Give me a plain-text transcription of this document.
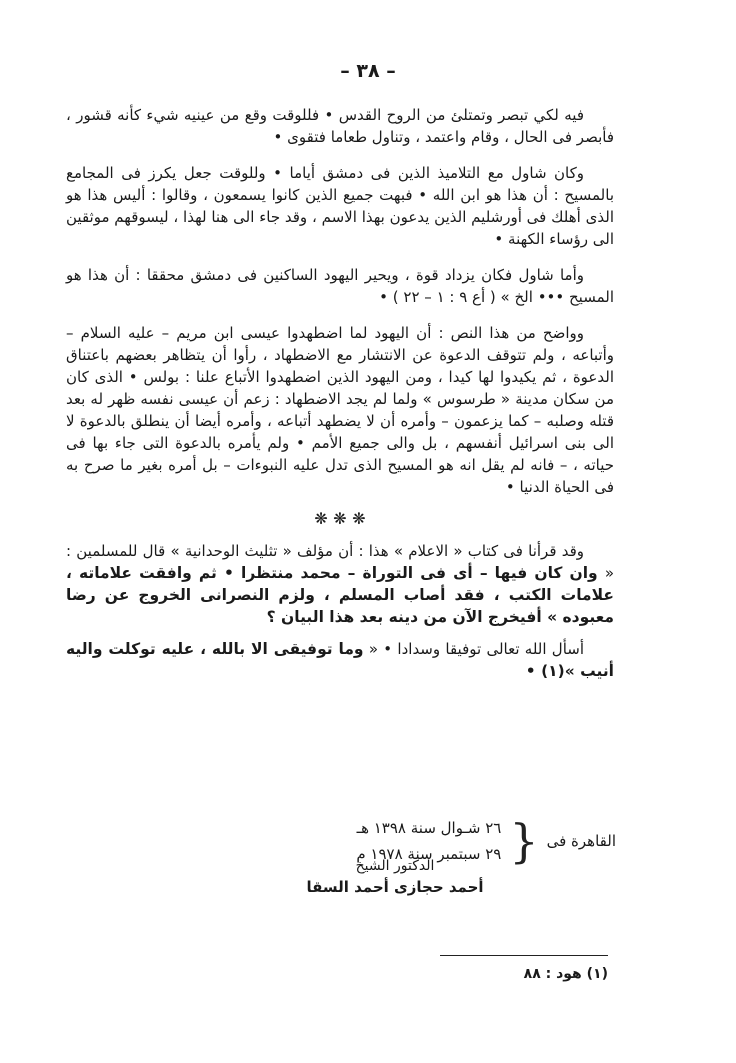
– ٣٨ –

فيه لكي تبصر وتمتلئ من الروح القدس • فللوقت وقع من عينيه شيء كأنه قشور ، فأبصر فى الحال ، وقام واعتمد ، وتناول طعاما فتقوى •

وكان شاول مع التلاميذ الذين فى دمشق أياما • وللوقت جعل يكرز فى المجامع بالمسيح : أن هذا هو ابن الله • فبهت جميع الذين كانوا يسمعون ، وقالوا : أليس هذا هو الذى أهلك فى أورشليم الذين يدعون بهذا الاسم ، وقد جاء الى هنا لهذا ، ليسوقهم موثقين الى رؤساء الكهنة •

وأما شاول فكان يزداد قوة ، ويحير اليهود الساكنين فى دمشق محققا : أن هذا هو المسيح ••• الخ » ( أع ٩ : ١ – ٢٢ ) •

وواضح من هذا النص : أن اليهود لما اضطهدوا عيسى ابن مريم – عليه السلام – وأتباعه ، ولم تتوقف الدعوة عن الانتشار مع الاضطهاد ، رأوا أن يتظاهر بعضهم باعتناق الدعوة ، ثم يكيدوا لها كيدا ، ومن اليهود الذين اضطهدوا الأتباع علنا : بولس • الذى كان من سكان مدينة « طرسوس » ولما لم يجد الاضطهاد : زعم أن عيسى نفسه ظهر له بعد قتله وصلبه – كما يزعمون – وأمره أن لا يضطهد أتباعه ، وأمره أيضا أن ينطلق بالدعوة لا الى بنى اسرائيل أنفسهم ، بل والى جميع الأمم • ولم يأمره بالدعوة التى جاء بها فى حياته ، – فانه لم يقل انه هو المسيح الذى تدل عليه النبوءات – بل أمره بغير ما صرح به فى الحياة الدنيا •

❋ ❋ ❋

وقد قرأنا فى كتاب « الاعلام » هذا : أن مؤلف « تثليث الوحدانية » قال للمسلمين : « وان كان فيها – أى فى التوراة – محمد منتظرا • ثم وافقت علاماته ، علامات الكتب ، فقد أصاب المسلم ، ولزم النصرانى الخروج عن رضا معبوده » أفيخرج الآن من دينه بعد هذا البيان ؟

أسأل الله تعالى توفيقا وسدادا • « وما توفيقى الا بالله ، عليه توكلت واليه أنيب »(١) •

القاهرة فى
{
٢٦ شـوال سنة ١٣٩٨ هـ
٢٩ سبتمبر سنة ١٩٧٨ م
الدكتور الشيخ
أحمد حجازى أحمد السقا
(١) هود : ٨٨
